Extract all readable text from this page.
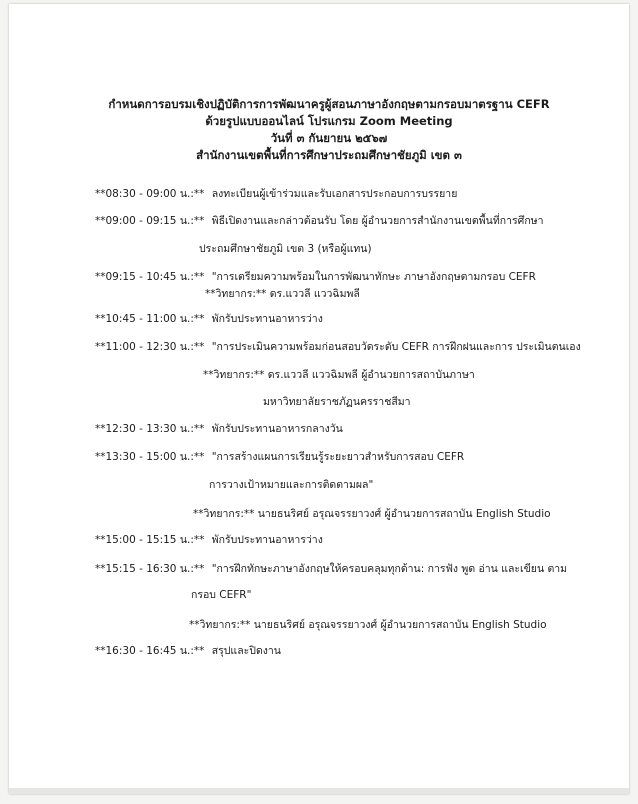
กำหนดการอบรมเชิงปฏิบัติการการพัฒนาครูผู้สอนภาษาอังกฤษตามกรอบมาตรฐาน CEFR
ด้วยรูปแบบออนไลน์ โปรแกรม Zoom Meeting
วันที่ ๓ กันยายน ๒๕๖๗
สำนักงานเขตพื้นที่การศึกษาประถมศึกษาชัยภูมิ เขต ๓
**08:30 - 09:00 น.:** ลงทะเบียนผู้เข้าร่วมและรับเอกสารประกอบการบรรยาย
**09:00 - 09:15 น.:** พิธีเปิดงานและกล่าวต้อนรับ โดย ผู้อำนวยการสำนักงานเขตพื้นที่การศึกษา
ประถมศึกษาชัยภูมิ เขต 3 (หรือผู้แทน)
**09:15 - 10:45 น.:** "การเตรียมความพร้อมในการพัฒนาทักษะ ภาษาอังกฤษตามกรอบ CEFR
**วิทยากร:** ดร.แววลี แววฉิมพลี
**10:45 - 11:00 น.:** พักรับประทานอาหารว่าง
**11:00 - 12:30 น.:** "การประเมินความพร้อมก่อนสอบวัดระดับ CEFR การฝึกฝนและการ ประเมินตนเอง
**วิทยากร:** ดร.แววลี แววฉิมพลี ผู้อำนวยการสถาบันภาษา
มหาวิทยาลัยราชภัฏนครราชสีมา
**12:30 - 13:30 น.:** พักรับประทานอาหารกลางวัน
**13:30 - 15:00 น.:** "การสร้างแผนการเรียนรู้ระยะยาวสำหรับการสอบ CEFR
การวางเป้าหมายและการติดตามผล"
**วิทยากร:** นายธนริศย์ อรุณจรรยาวงศ์ ผู้อำนวยการสถาบัน English Studio
**15:00 - 15:15 น.:** พักรับประทานอาหารว่าง
**15:15 - 16:30 น.:** "การฝึกทักษะภาษาอังกฤษให้ครอบคลุมทุกด้าน: การฟัง พูด อ่าน และเขียน ตาม
กรอบ CEFR"
**วิทยากร:** นายธนริศย์ อรุณจรรยาวงศ์ ผู้อำนวยการสถาบัน English Studio
**16:30 - 16:45 น.:** สรุปและปิดงาน
